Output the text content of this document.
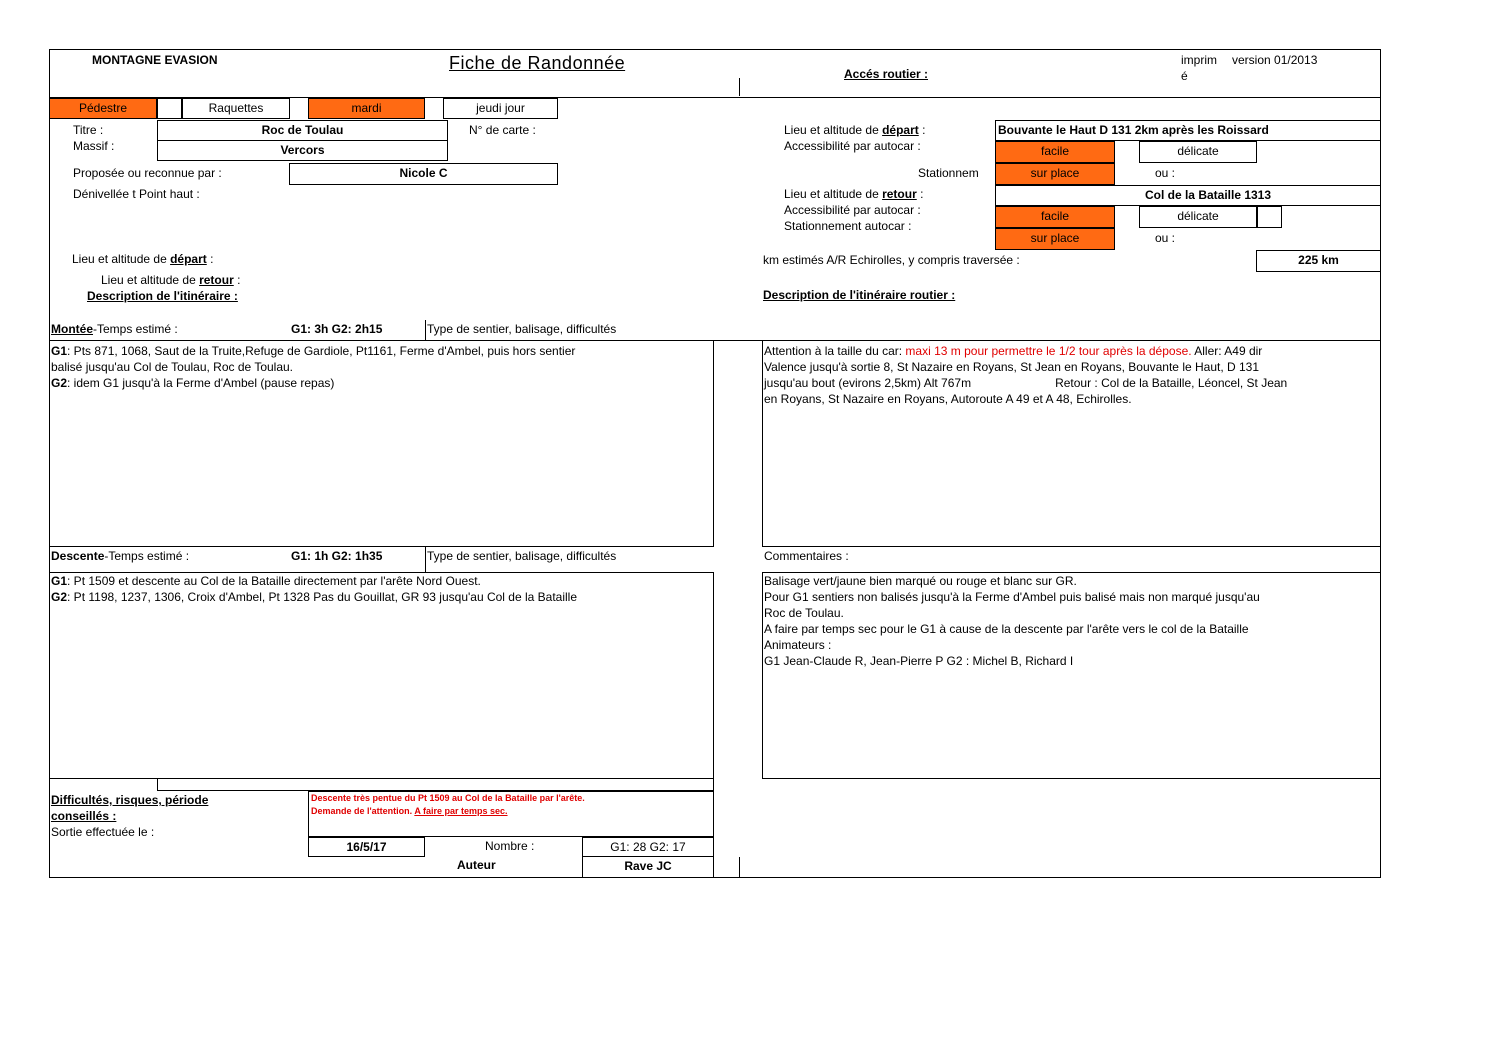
MONTAGNE EVASION	Fiche de Randonnée
Accés routier :
imprim
é
version 01/2013
Pédestre	Raquettes	mardi	jeudi jour
Titre :	Roc de Toulau
Massif :	Vercors
N° de carte :
Proposée ou reconnue par :	Nicole C
Dénivellée t Point haut :
Lieu et altitude de départ :
Lieu et altitude de retour :
Description de l'itinéraire :
Lieu et altitude de départ :	Bouvante le Haut D 131 2km après les Roissard
Accessibilité par autocar :	facile	délicate
Stationnem	sur place	ou :
Lieu et altitude de retour :	Col de la Bataille 1313
Accessibilité par autocar :
Stationnement autocar :
facile	délicate
sur place	ou :
km estimés A/R Echirolles, y compris traversée :	225 km
Description de l'itinéraire routier :
Montée-Temps estimé :	G1: 3h G2: 2h15	Type de sentier, balisage, difficultés
G1: Pts 871, 1068, Saut de la Truite,Refuge de Gardiole, Pt1161, Ferme d'Ambel, puis hors sentier
balisé jusqu'au Col de Toulau, Roc de Toulau.
G2: idem G1 jusqu'à la Ferme d'Ambel (pause repas)
Attention à la taille du car: maxi 13 m pour permettre le 1/2 tour après la dépose. Aller: A49 dir
Valence jusqu'à sortie 8, St Nazaire en Royans, St Jean en Royans, Bouvante le Haut, D 131
jusqu'au bout (evirons 2,5km) Alt 767m	Retour : Col de la Bataille, Léoncel, St Jean
en Royans, St Nazaire en Royans, Autoroute A 49 et A 48, Echirolles.
Descente-Temps estimé :	G1: 1h G2: 1h35	Type de sentier, balisage, difficultés	Commentaires :
G1: Pt 1509 et descente au Col de la Bataille directement par l'arête Nord Ouest.
G2: Pt 1198, 1237, 1306, Croix d'Ambel, Pt 1328 Pas du Gouillat, GR 93 jusqu'au Col de la Bataille
Balisage vert/jaune bien marqué ou rouge et blanc sur GR.
Pour G1 sentiers non balisés jusqu'à la Ferme d'Ambel puis balisé mais non marqué jusqu'au
Roc de Toulau.
A faire par temps sec pour le G1 à cause de la descente par l'arête vers le col de la Bataille
Animateurs :
G1 Jean-Claude R, Jean-Pierre P G2 : Michel B, Richard I
Difficultés, risques, période
conseillés :
Sortie effectuée le :
Descente très pentue du Pt 1509 au Col de la Bataille par l'arête.
Demande de l'attention. A faire par temps sec.
16/5/17	Nombre :	G1: 28 G2: 17
Auteur	Rave JC
